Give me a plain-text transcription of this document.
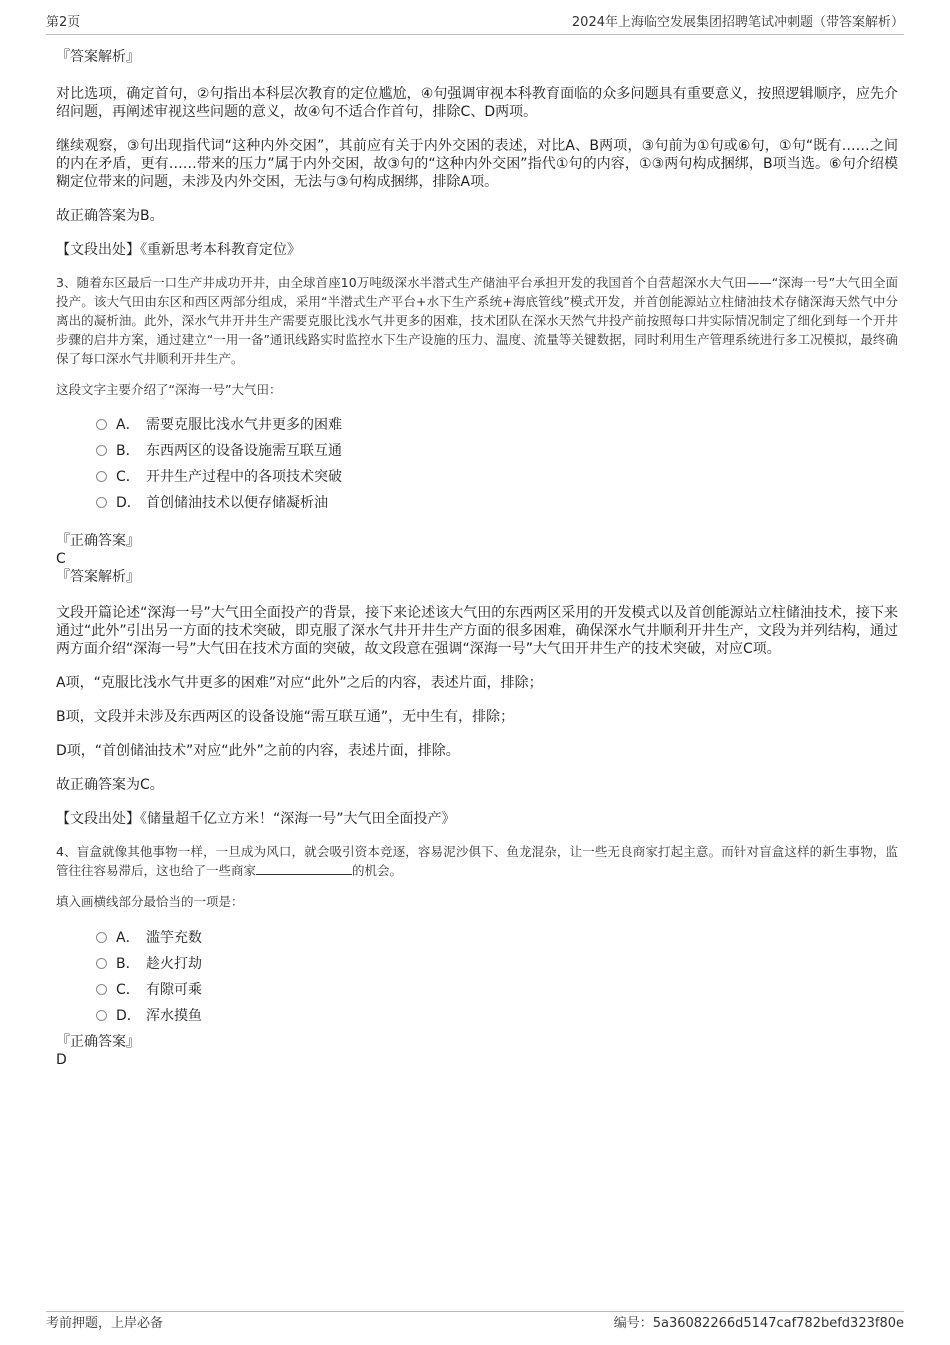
第2页	2024年上海临空发展集团招聘笔试冲刺题（带答案解析）
『答案解析』
对比选项，确定首句，②句指出本科层次教育的定位尴尬，④句强调审视本科教育面临的众多问题具有重要意义，按照逻辑顺序，应先介绍问题，再阐述审视这些问题的意义，故④句不适合作首句，排除C、D两项。
继续观察，③句出现指代词“这种内外交困”，其前应有关于内外交困的表述，对比A、B两项，③句前为①句或⑥句，①句“既有……之间的内在矛盾，更有……带来的压力”属于内外交困，故③句的“这种内外交困”指代①句的内容，①③两句构成捆绑，B项当选。⑥句介绍模糊定位带来的问题，未涉及内外交困，无法与③句构成捆绑，排除A项。
故正确答案为B。
【文段出处】《重新思考本科教育定位》
3、随着东区最后一口生产井成功开井，由全球首座10万吨级深水半潜式生产储油平台承担开发的我国首个自营超深水大气田——“深海一号”大气田全面投产。该大气田由东区和西区两部分组成，采用“半潜式生产平台+水下生产系统+海底管线”模式开发，并首创能源站立柱储油技术存储深海天然气中分离出的凝析油。此外，深水气井开井生产需要克服比浅水气井更多的困难，技术团队在深水天然气井投产前按照每口井实际情况制定了细化到每一个开井步骤的启井方案，通过建立“一用一备”通讯线路实时监控水下生产设施的压力、温度、流量等关键数据，同时利用生产管理系统进行多工况模拟，最终确保了每口深水气井顺利开井生产。
这段文字主要介绍了“深海一号”大气田：
A． 需要克服比浅水气井更多的困难
B． 东西两区的设备设施需互联互通
C． 开井生产过程中的各项技术突破
D． 首创储油技术以便存储凝析油
『正确答案』
C
『答案解析』
文段开篇论述“深海一号”大气田全面投产的背景，接下来论述该大气田的东西两区采用的开发模式以及首创能源站立柱储油技术，接下来通过“此外”引出另一方面的技术突破，即克服了深水气井开井生产方面的很多困难，确保深水气井顺利开井生产，文段为并列结构，通过两方面介绍“深海一号”大气田在技术方面的突破，故文段意在强调“深海一号”大气田开井生产的技术突破，对应C项。
A项，“克服比浅水气井更多的困难”对应“此外”之后的内容，表述片面，排除；
B项，文段并未涉及东西两区的设备设施“需互联互通”，无中生有，排除；
D项，“首创储油技术”对应“此外”之前的内容，表述片面，排除。
故正确答案为C。
【文段出处】《储量超千亿立方米！“深海一号”大气田全面投产》
4、盲盒就像其他事物一样，一旦成为风口，就会吸引资本竞逐，容易泥沙俱下、鱼龙混杂，让一些无良商家打起主意。而针对盲盒这样的新生事物，监管往往容易滞后，这也给了一些商家	的机会。
填入画横线部分最恰当的一项是：
A． 滥竽充数
B． 趁火打劫
C． 有隙可乘
D． 浑水摸鱼
『正确答案』
D
考前押题，上岸必备	编号：5a36082266d5147caf782befd323f80e
